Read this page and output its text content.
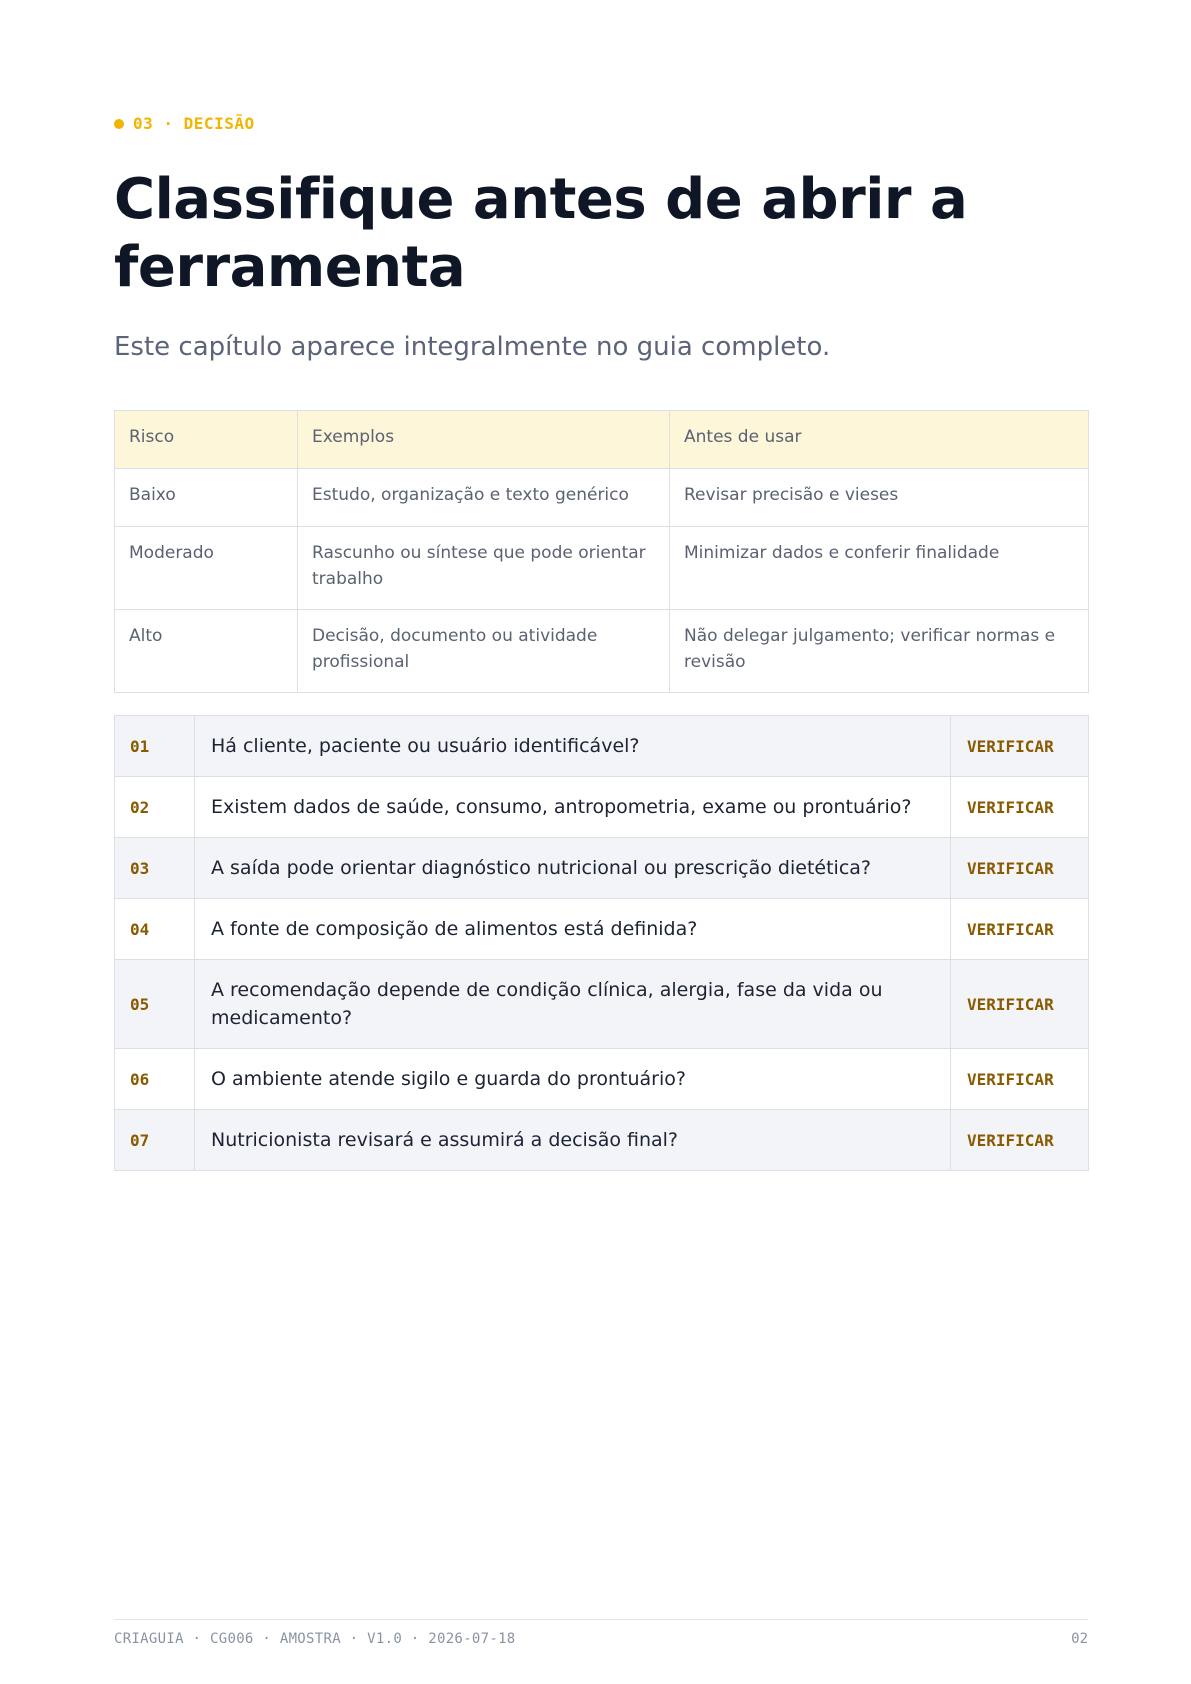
03 · DECISÃO
Classifique antes de abrir a ferramenta

Este capítulo aparece integralmente no guia completo.

Risco	Exemplos	Antes de usar
Baixo	Estudo, organização e texto genérico	Revisar precisão e vieses
Moderado	Rascunho ou síntese que pode orientar trabalho	Minimizar dados e conferir finalidade
Alto	Decisão, documento ou atividade profissional	Não delegar julgamento; verificar normas e revisão
01	Há cliente, paciente ou usuário identificável?	VERIFICAR
02	Existem dados de saúde, consumo, antropometria, exame ou prontuário?	VERIFICAR
03	A saída pode orientar diagnóstico nutricional ou prescrição dietética?	VERIFICAR
04	A fonte de composição de alimentos está definida?	VERIFICAR
05	A recomendação depende de condição clínica, alergia, fase da vida ou medicamento?	VERIFICAR
06	O ambiente atende sigilo e guarda do prontuário?	VERIFICAR
07	Nutricionista revisará e assumirá a decisão final?	VERIFICAR
CRIAGUIA · CG006 · AMOSTRA · V1.0 · 2026-07-18	02
